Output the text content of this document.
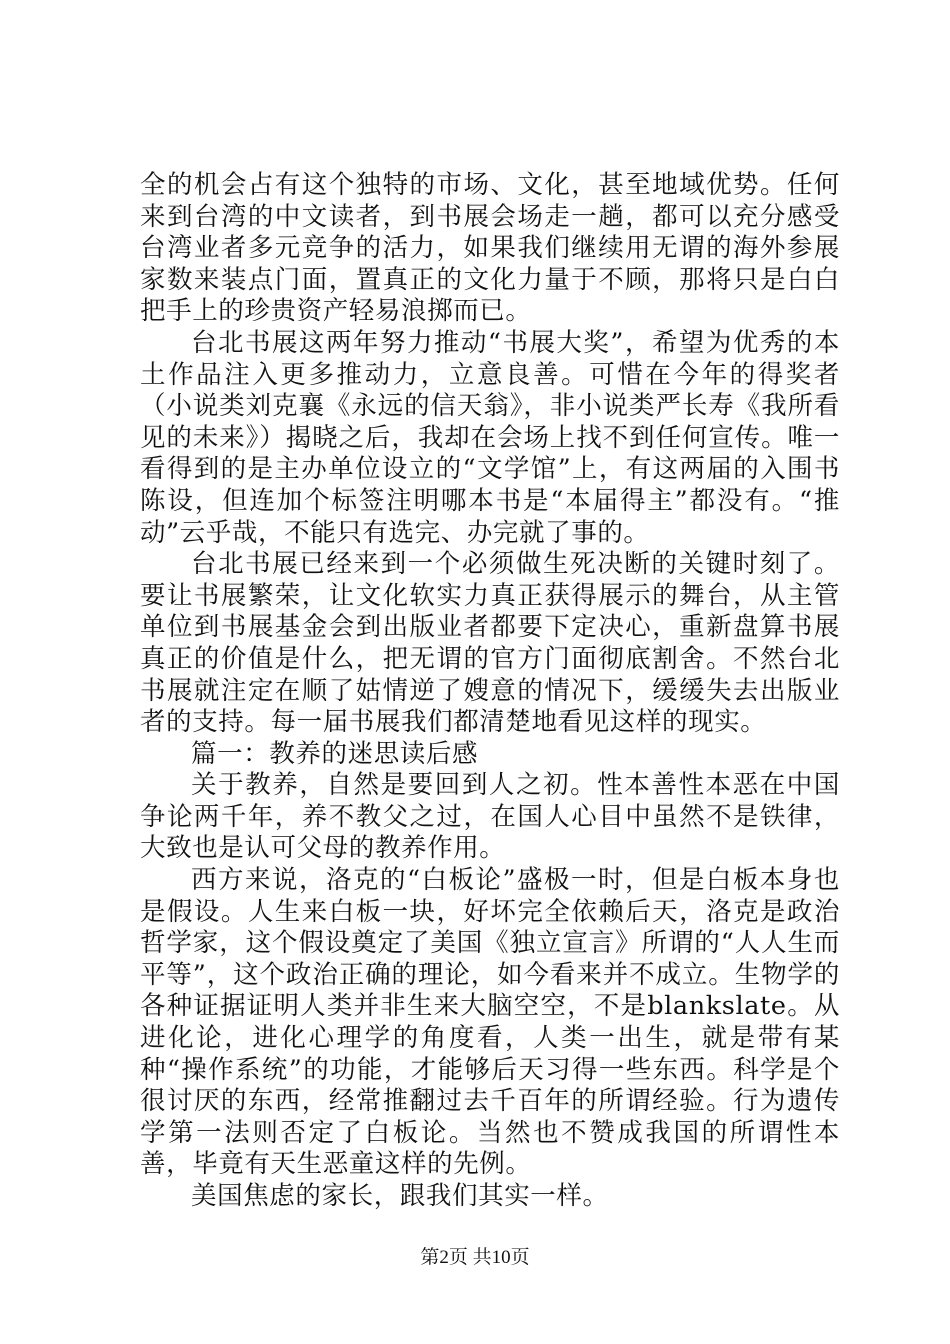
全的机会占有这个独特的市场、文化，甚至地域优势。任何来到台湾的中文读者，到书展会场走一趟，都可以充分感受台湾业者多元竞争的活力，如果我们继续用无谓的海外参展家数来装点门面，置真正的文化力量于不顾，那将只是白白把手上的珍贵资产轻易浪掷而已。

台北书展这两年努力推动“书展大奖”，希望为优秀的本土作品注入更多推动力，立意良善。可惜在今年的得奖者（小说类刘克襄《永远的信天翁》，非小说类严长寿《我所看见的未来》）揭晓之后，我却在会场上找不到任何宣传。唯一看得到的是主办单位设立的“文学馆”上，有这两届的入围书陈设，但连加个标签注明哪本书是“本届得主”都没有。“推动”云乎哉，不能只有选完、办完就了事的。

台北书展已经来到一个必须做生死决断的关键时刻了。要让书展繁荣，让文化软实力真正获得展示的舞台，从主管单位到书展基金会到出版业者都要下定决心，重新盘算书展真正的价值是什么，把无谓的官方门面彻底割舍。不然台北书展就注定在顺了姑情逆了嫂意的情况下，缓缓失去出版业者的支持。每一届书展我们都清楚地看见这样的现实。

篇一：教养的迷思读后感

关于教养，自然是要回到人之初。性本善性本恶在中国争论两千年，养不教父之过，在国人心目中虽然不是铁律，大致也是认可父母的教养作用。

西方来说，洛克的“白板论”盛极一时，但是白板本身也是假设。人生来白板一块，好坏完全依赖后天，洛克是政治哲学家，这个假设奠定了美国《独立宣言》所谓的“人人生而平等”，这个政治正确的理论，如今看来并不成立。生物学的各种证据证明人类并非生来大脑空空，不是blankslate。从进化论，进化心理学的角度看，人类一出生，就是带有某种“操作系统”的功能，才能够后天习得一些东西。科学是个很讨厌的东西，经常推翻过去千百年的所谓经验。行为遗传学第一法则否定了白板论。当然也不赞成我国的所谓性本善，毕竟有天生恶童这样的先例。

美国焦虑的家长，跟我们其实一样。

第2页 共10页
